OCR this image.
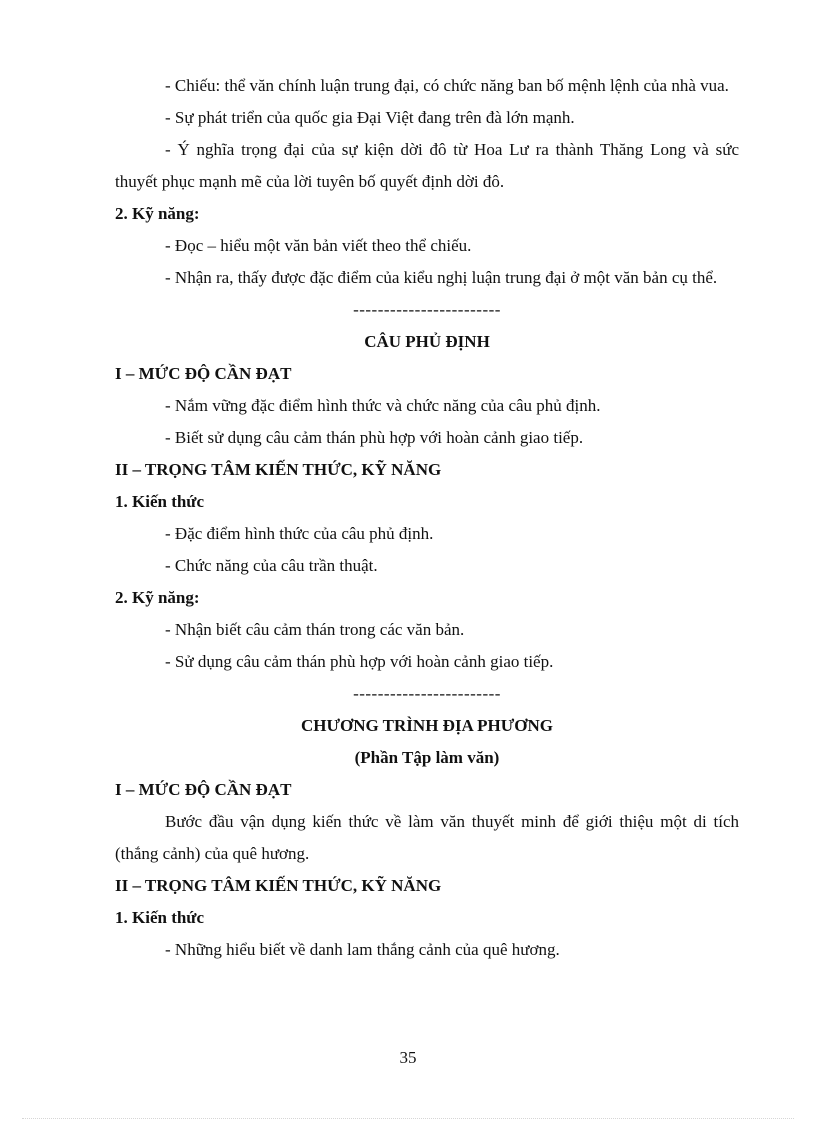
- Chiếu: thể văn chính luận trung đại, có chức năng ban bố mệnh lệnh của nhà vua.

- Sự phát triển của quốc gia Đại Việt đang trên đà lớn mạnh.

- Ý nghĩa trọng đại của sự kiện dời đô từ Hoa Lư ra thành Thăng Long và sức thuyết phục mạnh mẽ của lời tuyên bố quyết định dời đô.

2. Kỹ năng:

- Đọc – hiểu một văn bản viết theo thể chiếu.

- Nhận ra, thấy được đặc điểm của kiểu nghị luận trung đại ở một văn bản cụ thể.

------------------------

CÂU PHỦ ĐỊNH

I – MỨC ĐỘ CẦN ĐẠT

- Nắm vững đặc điểm hình thức và chức năng của câu phủ định.

- Biết sử dụng câu cảm thán phù hợp với hoàn cảnh giao tiếp.

II – TRỌNG TÂM KIẾN THỨC, KỸ NĂNG

1. Kiến thức

- Đặc điểm hình thức của câu phủ định.

- Chức năng của câu trần thuật.

2. Kỹ năng:

- Nhận biết câu cảm thán trong các văn bản.

- Sử dụng câu cảm thán phù hợp với hoàn cảnh giao tiếp.

------------------------

CHƯƠNG TRÌNH ĐỊA PHƯƠNG

(Phần Tập làm văn)

I – MỨC ĐỘ CẦN ĐẠT

Bước đầu vận dụng kiến thức về làm văn thuyết minh để giới thiệu một di tích (thắng cảnh) của quê hương.

II – TRỌNG TÂM KIẾN THỨC, KỸ NĂNG

1. Kiến thức

- Những hiểu biết về danh lam thắng cảnh của quê hương.

35
